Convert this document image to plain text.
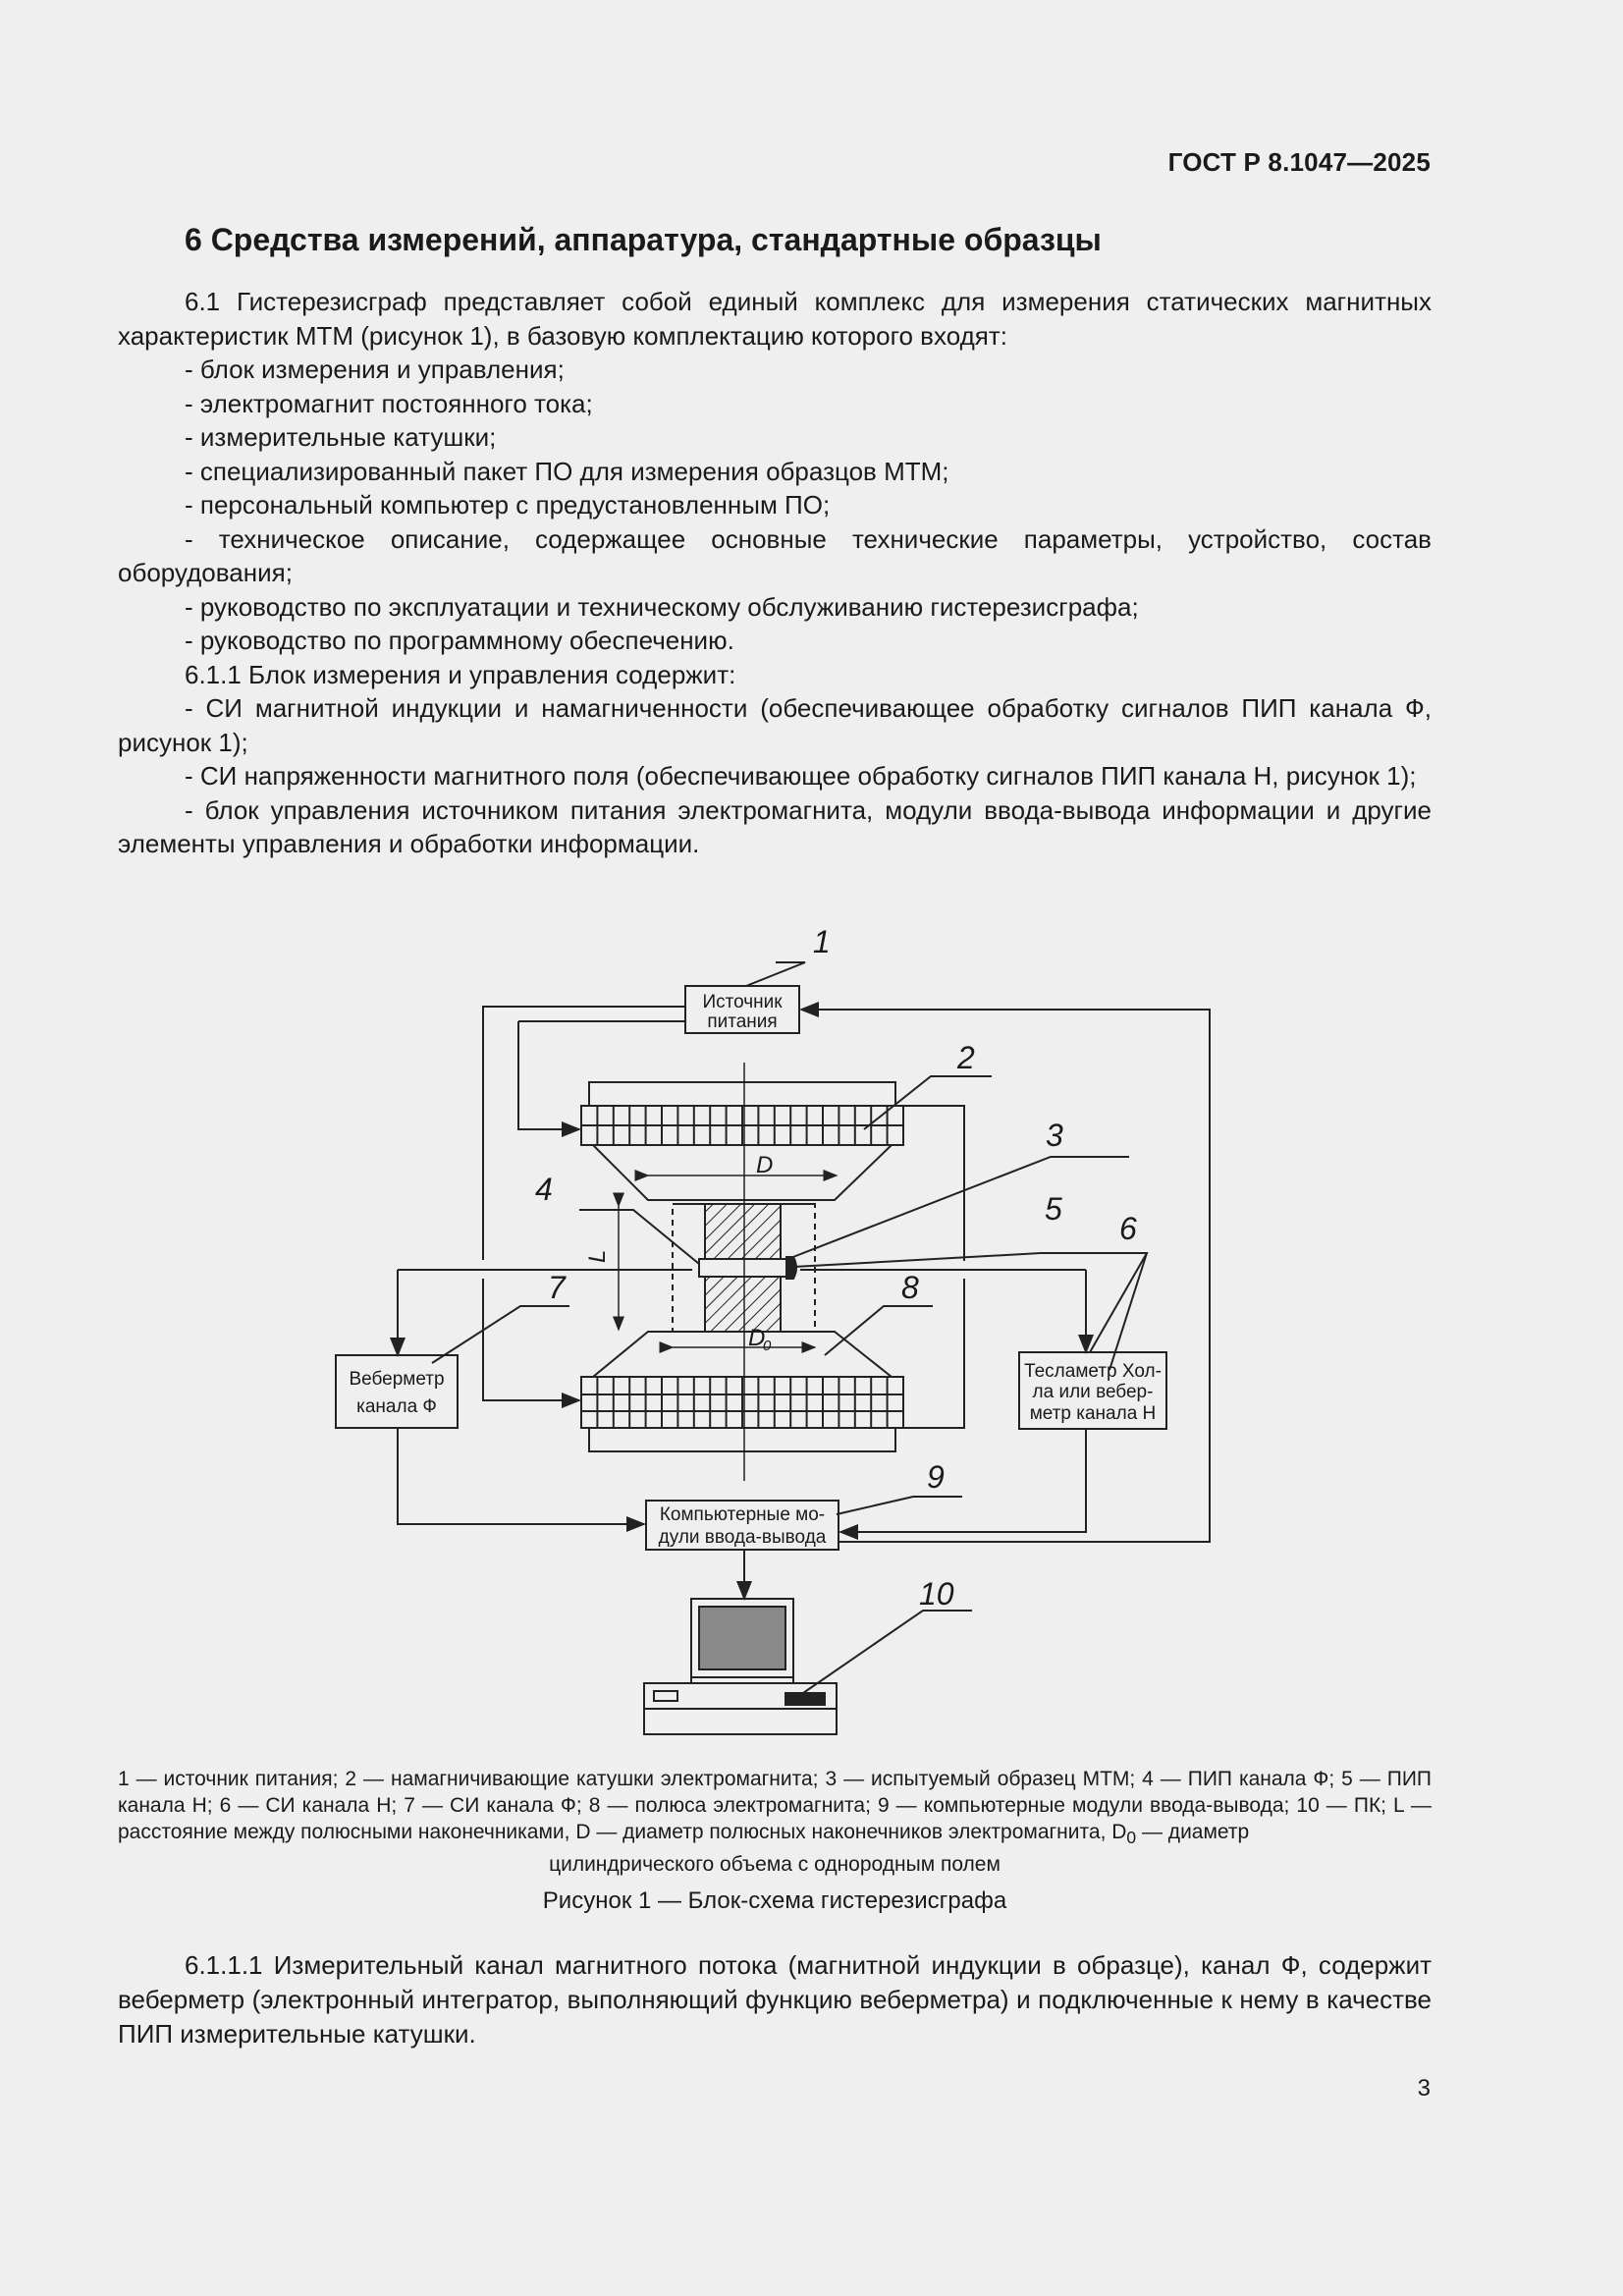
ГОСТ Р 8.1047—2025
6 Средства измерений, аппаратура, стандартные образцы

6.1 Гистерезисграф представляет собой единый комплекс для измерения статических магнитных характеристик МТМ (рисунок 1), в базовую комплектацию которого входят:

- блок измерения и управления;

- электромагнит постоянного тока;

- измерительные катушки;

- специализированный пакет ПО для измерения образцов МТМ;

- персональный компьютер с предустановленным ПО;

- техническое описание, содержащее основные технические параметры, устройство, состав оборудования;

- руководство по эксплуатации и техническому обслуживанию гистерезисграфа;

- руководство по программному обеспечению.

6.1.1 Блок измерения и управления содержит:

- СИ магнитной индукции и намагниченности (обеспечивающее обработку сигналов ПИП канала Ф, рисунок 1);

- СИ напряженности магнитного поля (обеспечивающее обработку сигналов ПИП канала Н, рисунок 1);

- блок управления источником питания электромагнита, модули ввода-вывода информации и другие элементы управления и обработки информации.

Источник
питания
Веберметр
канала Ф
Тесламетр Хол-
ла или вебер-
метр канала Н
Компьютерные мо-
дули ввода-вывода
D
D
0
L
1
2
3
4
5
6
7	8
9
10
1 — источник питания; 2 — намагничивающие катушки электромагнита; 3 — испытуемый образец МТМ; 4 — ПИП канала Ф; 5 — ПИП канала Н; 6 — СИ канала Н; 7 — СИ канала Ф; 8 — полюса электромагнита; 9 — компьютерные модули ввода-вывода; 10 — ПК; L — расстояние между полюсными наконечниками, D — диаметр полюсных наконечников электромагнита, $D_0$ — диаметр
цилиндрического объема с однородным полем
Рисунок 1 — Блок-схема гистерезисграфа

6.1.1.1 Измерительный канал магнитного потока (магнитной индукции в образце), канал Ф, содержит веберметр (электронный интегратор, выполняющий функцию веберметра) и подключенные к нему в качестве ПИП измерительные катушки.

3
